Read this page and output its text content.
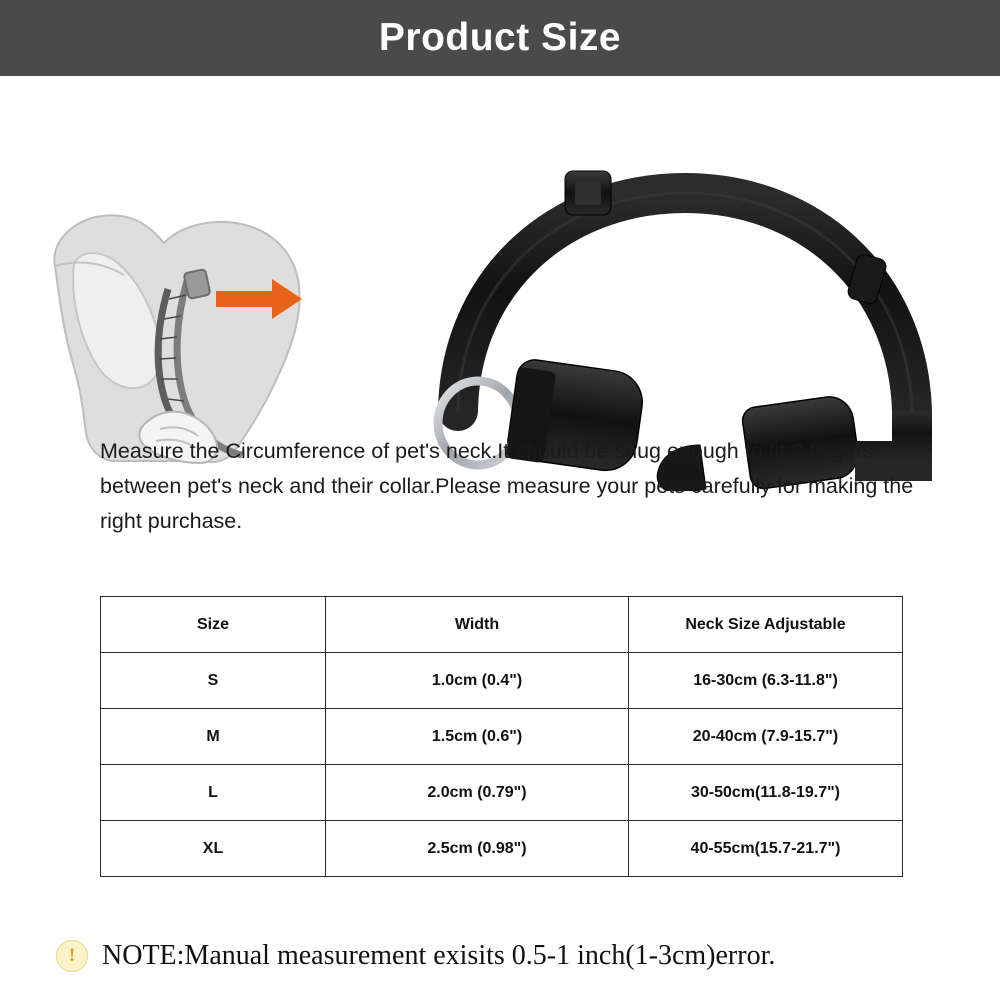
Product Size
Measure the Circumference of pet's neck.It should be snug enough to fit 2 fingers between pet's neck and their collar.Please measure your pets carefully for making the right purchase.
Size	Width	Neck Size Adjustable
S	1.0cm (0.4")	16-30cm (6.3-11.8")
M	1.5cm (0.6")	20-40cm (7.9-15.7")
L	2.0cm (0.79")	30-50cm(11.8-19.7")
XL	2.5cm (0.98")	40-55cm(15.7-21.7")
! NOTE:Manual measurement exisits 0.5-1 inch(1-3cm)error.
